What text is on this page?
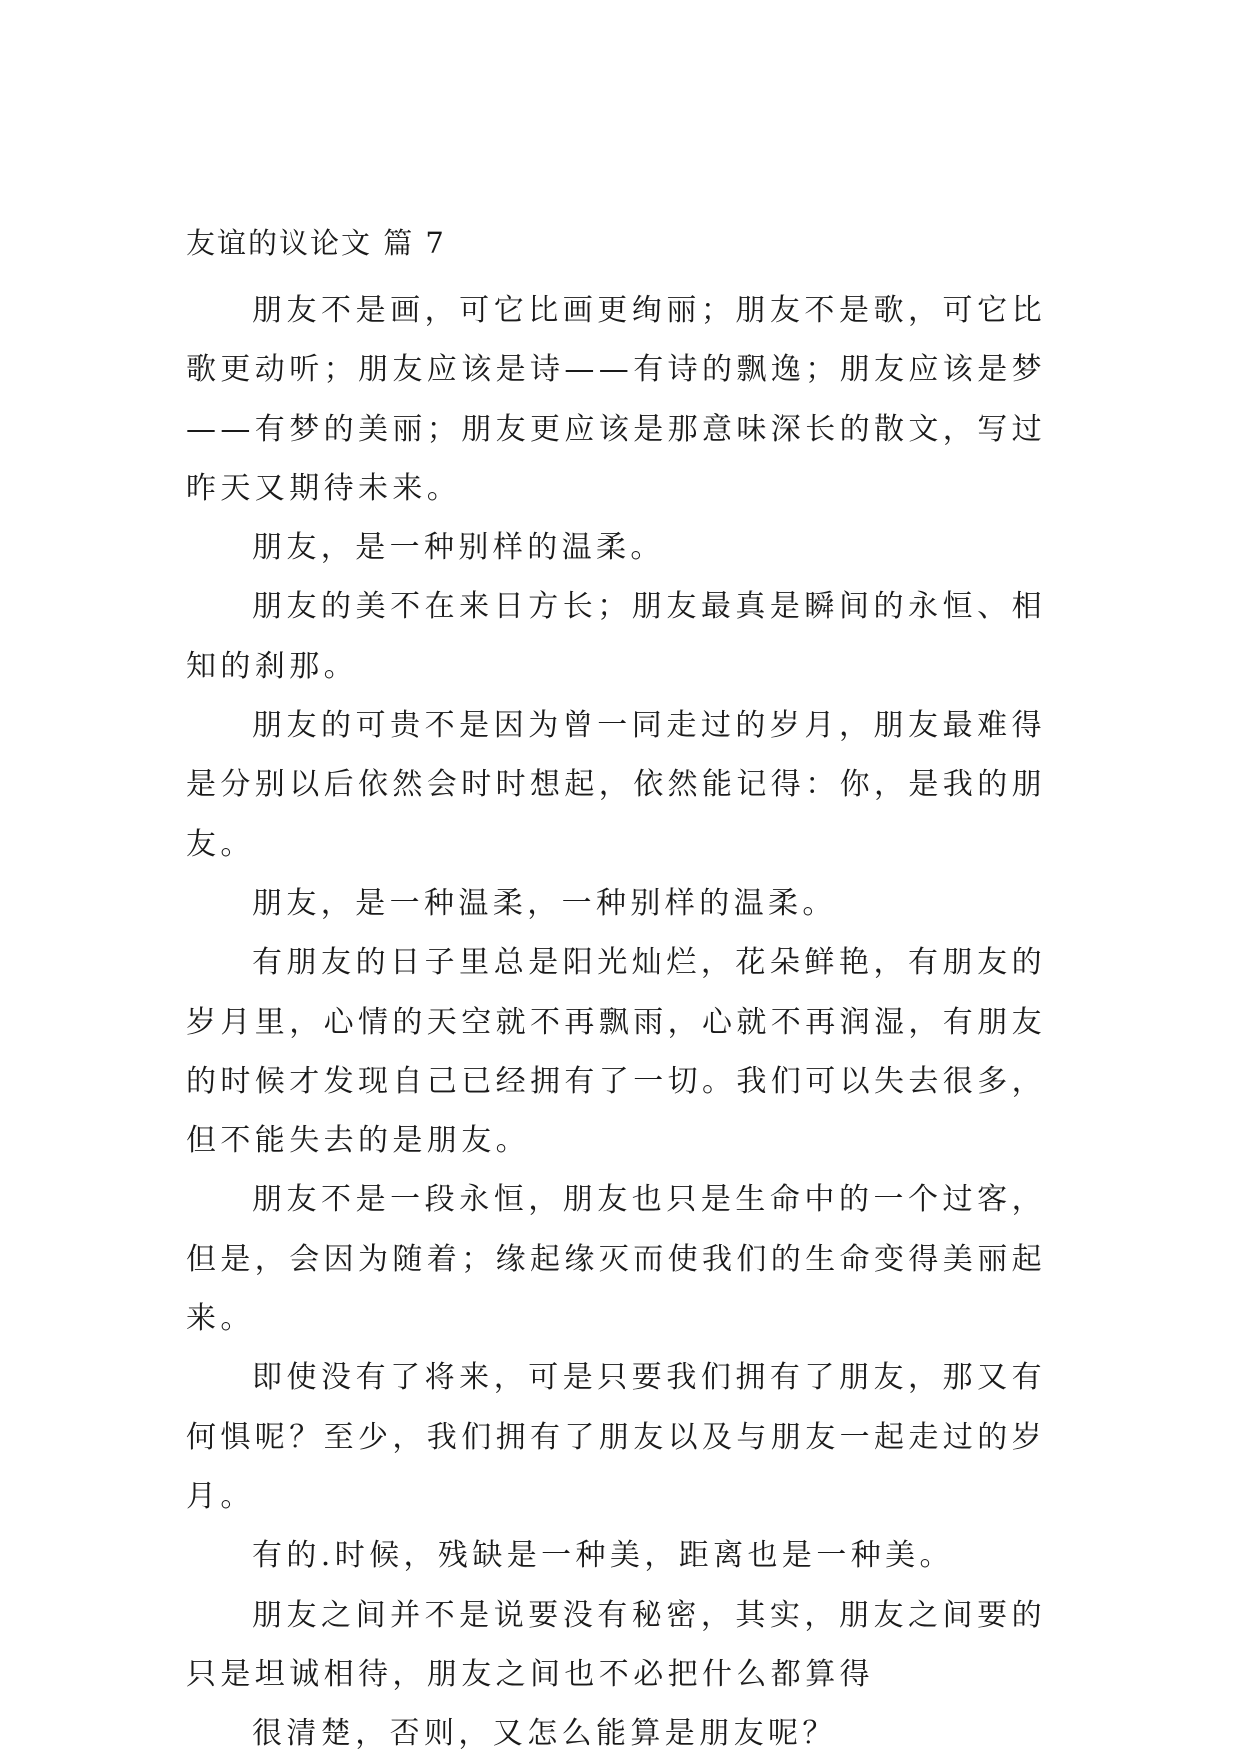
友谊的议论文 篇 7

朋友不是画，可它比画更绚丽；朋友不是歌，可它比歌更动听；朋友应该是诗——有诗的飘逸；朋友应该是梦——有梦的美丽；朋友更应该是那意味深长的散文，写过昨天又期待未来。

朋友，是一种别样的温柔。

朋友的美不在来日方长；朋友最真是瞬间的永恒、相知的刹那。

朋友的可贵不是因为曾一同走过的岁月，朋友最难得是分别以后依然会时时想起，依然能记得：你，是我的朋友。

朋友，是一种温柔，一种别样的温柔。

有朋友的日子里总是阳光灿烂，花朵鲜艳，有朋友的岁月里，心情的天空就不再飘雨，心就不再润湿，有朋友的时候才发现自己已经拥有了一切。我们可以失去很多，但不能失去的是朋友。

朋友不是一段永恒，朋友也只是生命中的一个过客，但是，会因为随着；缘起缘灭而使我们的生命变得美丽起来。

即使没有了将来，可是只要我们拥有了朋友，那又有何惧呢？至少，我们拥有了朋友以及与朋友一起走过的岁月。

有的.时候，残缺是一种美，距离也是一种美。

朋友之间并不是说要没有秘密，其实，朋友之间要的只是坦诚相待，朋友之间也不必把什么都算得

很清楚，否则，又怎么能算是朋友呢？
